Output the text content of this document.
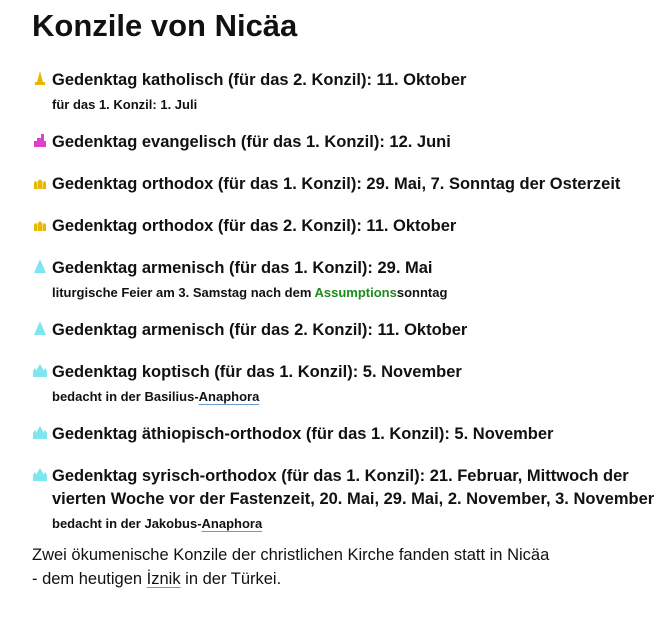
Konzile von Nicäa
Gedenktag katholisch (für das 2. Konzil): 11. Oktober
für das 1. Konzil: 1. Juli
Gedenktag evangelisch (für das 1. Konzil): 12. Juni
Gedenktag orthodox (für das 1. Konzil): 29. Mai, 7. Sonntag der Osterzeit
Gedenktag orthodox (für das 2. Konzil): 11. Oktober
Gedenktag armenisch (für das 1. Konzil): 29. Mai
liturgische Feier am 3. Samstag nach dem Assumptionssonntag
Gedenktag armenisch (für das 2. Konzil): 11. Oktober
Gedenktag koptisch (für das 1. Konzil): 5. November
bedacht in der Basilius-Anaphora
Gedenktag äthiopisch-orthodox (für das 1. Konzil): 5. November
Gedenktag syrisch-orthodox (für das 1. Konzil): 21. Februar, Mittwoch der vierten Woche vor der Fastenzeit, 20. Mai, 29. Mai, 2. November, 3. November
bedacht in der Jakobus-Anaphora
Zwei ökumenische Konzile der christlichen Kirche fanden statt in Nicäa - dem heutigen İznik in der Türkei.
